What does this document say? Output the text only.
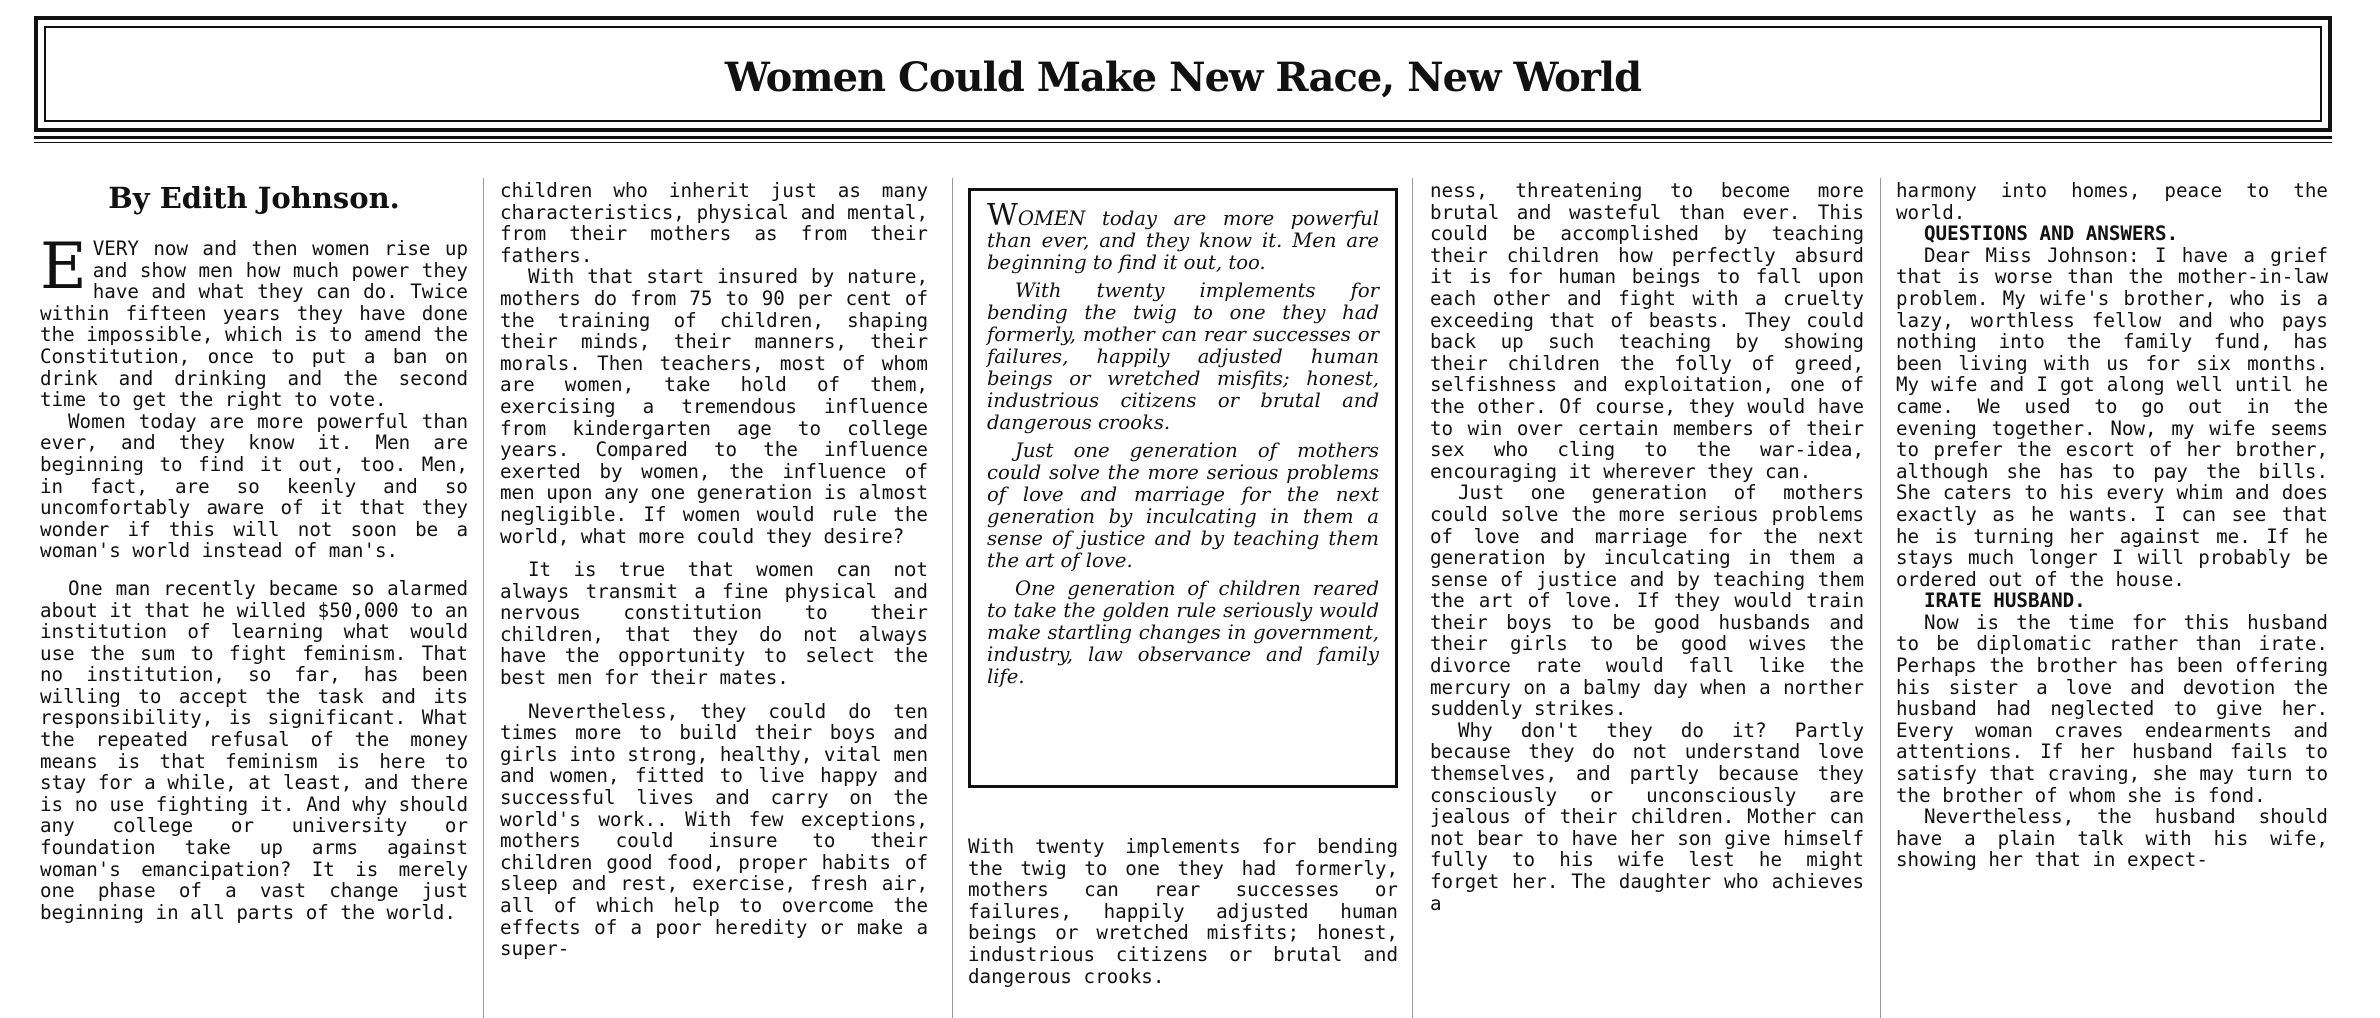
Women Could Make New Race, New World
By Edith Johnson.

EVERY now and then women rise up and show men how much power they have and what they can do. Twice within fifteen years they have done the impossible, which is to amend the Constitution, once to put a ban on drink and drinking and the second time to get the right to vote.

Women today are more powerful than ever, and they know it. Men are beginning to find it out, too. Men, in fact, are so keenly and so uncomfortably aware of it that they wonder if this will not soon be a woman's world instead of man's.

One man recently became so alarmed about it that he willed $50,000 to an institution of learning what would use the sum to fight feminism. That no institution, so far, has been willing to accept the task and its responsibility, is significant. What the repeated refusal of the money means is that feminism is here to stay for a while, at least, and there is no use fighting it. And why should any college or university or foundation take up arms against woman's emancipation? It is merely one phase of a vast change just beginning in all parts of the world.

children who inherit just as many characteristics, physical and mental, from their mothers as from their fathers.

With that start insured by nature, mothers do from 75 to 90 per cent of the training of children, shaping their minds, their manners, their morals. Then teachers, most of whom are women, take hold of them, exercising a tremendous influence from kindergarten age to college years. Compared to the influence exerted by women, the influence of men upon any one generation is almost negligible. If women would rule the world, what more could they desire?

It is true that women can not always transmit a fine physical and nervous constitution to their children, that they do not always have the opportunity to select the best men for their mates.

Nevertheless, they could do ten times more to build their boys and girls into strong, healthy, vital men and women, fitted to live happy and successful lives and carry on the world's work.. With few exceptions, mothers could insure to their children good food, proper habits of sleep and rest, exercise, fresh air, all of which help to overcome the effects of a poor heredity or make a super-

WOMEN today are more powerful than ever, and they know it. Men are beginning to find it out, too.

With twenty implements for bending the twig to one they had formerly, mother can rear successes or failures, happily adjusted human beings or wretched misfits; honest, industrious citizens or brutal and dangerous crooks.

Just one generation of mothers could solve the more serious problems of love and marriage for the next generation by inculcating in them a sense of justice and by teaching them the art of love.

One generation of children reared to take the golden rule seriously would make startling changes in government, industry, law observance and family life.

With twenty implements for bending the twig to one they had formerly, mothers can rear successes or failures, happily adjusted human beings or wretched misfits; honest, industrious citizens or brutal and dangerous crooks.

ness, threatening to become more brutal and wasteful than ever. This could be accomplished by teaching their children how perfectly absurd it is for human beings to fall upon each other and fight with a cruelty exceeding that of beasts. They could back up such teaching by showing their children the folly of greed, selfishness and exploitation, one of the other. Of course, they would have to win over certain members of their sex who cling to the war-idea, encouraging it wherever they can.

Just one generation of mothers could solve the more serious problems of love and marriage for the next generation by inculcating in them a sense of justice and by teaching them the art of love. If they would train their boys to be good husbands and their girls to be good wives the divorce rate would fall like the mercury on a balmy day when a norther suddenly strikes.

Why don't they do it? Partly because they do not understand love themselves, and partly because they consciously or unconsciously are jealous of their children. Mother can not bear to have her son give himself fully to his wife lest he might forget her. The daughter who achieves a

harmony into homes, peace to the world.

QUESTIONS AND ANSWERS.

Dear Miss Johnson: I have a grief that is worse than the mother-in-law problem. My wife's brother, who is a lazy, worthless fellow and who pays nothing into the family fund, has been living with us for six months. My wife and I got along well until he came. We used to go out in the evening together. Now, my wife seems to prefer the escort of her brother, although she has to pay the bills. She caters to his every whim and does exactly as he wants. I can see that he is turning her against me. If he stays much longer I will probably be ordered out of the house.

IRATE HUSBAND.

Now is the time for this husband to be diplomatic rather than irate. Perhaps the brother has been offering his sister a love and devotion the husband had neglected to give her. Every woman craves endearments and attentions. If her husband fails to satisfy that craving, she may turn to the brother of whom she is fond.

Nevertheless, the husband should have a plain talk with his wife, showing her that in expect-
